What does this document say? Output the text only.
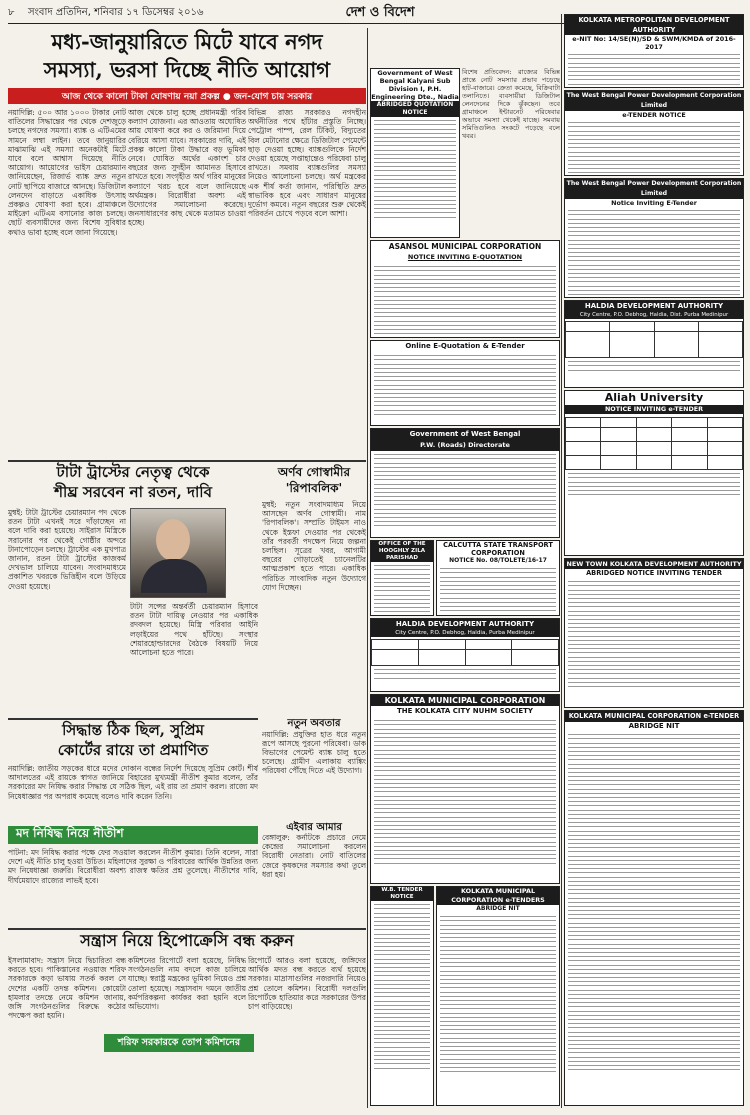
৮	সংবাদ প্রতিদিন, শনিবার ১৭ ডিসেম্বর ২০১৬	দেশ ও বিদেশ
মধ্য-জানুয়ারিতে মিটে যাবে নগদ
সমস্যা, ভরসা দিচ্ছে নীতি আয়োগ
আজ থেকে কালো টাকা ঘোষণায় নয়া প্রকল্প ● জন-যোগ চায় সরকার
নয়াদিল্লি: ৫০০ আর ১০০০ টাকার নোট বাতিলের সিদ্ধান্তের পর থেকে দেশজুড়ে চলছে নগদের সমস্যা। ব্যাঙ্ক ও এটিএমের সামনে লম্বা লাইন। তবে জানুয়ারির মাঝামাঝি এই সমস্যা অনেকটাই মিটে যাবে বলে আশ্বাস দিয়েছে নীতি আয়োগ। আয়োগের ভাইস চেয়ারম্যান জানিয়েছেন, রিজার্ভ ব্যাঙ্ক দ্রুত নতুন নোট ছাপিয়ে বাজারে আনছে। ডিজিটাল লেনদেন বাড়াতে একাধিক উৎসাহ প্রকল্পও ঘোষণা করা হবে। গ্রামাঞ্চলে মাইক্রো এটিএম বসানোর কাজ চলছে। ছোট ব্যবসায়ীদের জন্য বিশেষ সুবিধার কথাও ভাবা হচ্ছে বলে জানা গিয়েছে।
আজ থেকে চালু হচ্ছে প্রধানমন্ত্রী গরিব কল্যাণ যোজনা। এর আওতায় অঘোষিত আয় ঘোষণা করে কর ও জরিমানা দিয়ে বেরিয়ে আসা যাবে। সরকারের দাবি, এই প্রকল্প কালো টাকা উদ্ধারে বড় ভূমিকা নেবে। ঘোষিত অর্থের একাংশ চার বছরের জন্য সুদহীন আমানত হিসাবে রাখতে হবে। সংগৃহীত অর্থ গরিব মানুষের কল্যাণে খরচ হবে বলে জানিয়েছে অর্থমন্ত্রক। বিরোধীরা অবশ্য এই উদ্যোগের সমালোচনা করেছে। জনসাধারণের কাছ থেকে মতামত চাওয়া হচ্ছে।
বিভিন্ন রাজ্য সরকারও নগদহীন অর্থনীতির পথে হাঁটার প্রস্তুতি নিচ্ছে। পেট্রোল পাম্প, রেল টিকিট, বিদ্যুতের বিল মেটানোর ক্ষেত্রে ডিজিটাল পেমেন্টে ছাড় দেওয়া হচ্ছে। ব্যাঙ্কগুলিকে নির্দেশ দেওয়া হয়েছে সপ্তাহান্তেও পরিষেবা চালু রাখতে। সমবায় ব্যাঙ্কগুলির সমস্যা নিয়েও আলোচনা চলছে। অর্থ মন্ত্রকের এক শীর্ষ কর্তা জানান, পরিস্থিতি দ্রুত স্বাভাবিক হবে এবং সাধারণ মানুষের দুর্ভোগ কমবে। নতুন বছরের শুরু থেকেই পরিবর্তন চোখে পড়বে বলে আশা।
টাটা ট্রাস্টের নেতৃত্ব থেকে
শীঘ্র সরবেন না রতন, দাবি
অর্ণব গোস্বামীর
'রিপাবলিক'
মুম্বই: টাটা ট্রাস্টের চেয়ারম্যান পদ থেকে রতন টাটা এখনই সরে দাঁড়াচ্ছেন না বলে দাবি করা হয়েছে। সাইরাস মিস্ত্রিকে সরানোর পর থেকেই গোষ্ঠীর অন্দরে টানাপোড়েন চলছে। ট্রাস্টের এক মুখপাত্র জানান, রতন টাটা ট্রাস্টের কাজকর্ম দেখভাল চালিয়ে যাবেন। সংবাদমাধ্যমে প্রকাশিত খবরকে ভিত্তিহীন বলে উড়িয়ে দেওয়া হয়েছে।
টাটা সন্সের অন্তর্বর্তী চেয়ারম্যান হিসাবে রতন টাটা দায়িত্ব নেওয়ার পর একাধিক রদবদল হয়েছে। মিস্ত্রি পরিবার আইনি লড়াইয়ের পথে হাঁটছে। সংস্থার শেয়ারহোল্ডারদের বৈঠকে বিষয়টি নিয়ে আলোচনা হতে পারে।
মুম্বই: নতুন সংবাদমাধ্যম নিয়ে আসছেন অর্ণব গোস্বামী। নাম 'রিপাবলিক'। সম্প্রতি টাইমস নাও থেকে ইস্তফা দেওয়ার পর থেকেই তাঁর পরবর্তী পদক্ষেপ নিয়ে জল্পনা চলছিল। সূত্রের খবর, আগামী বছরের গোড়াতেই চ্যানেলটির আত্মপ্রকাশ হতে পারে। একাধিক পরিচিত সাংবাদিক নতুন উদ্যোগে যোগ দিচ্ছেন।
সিদ্ধান্ত ঠিক ছিল, সুপ্রিম
কোর্টের রায়ে তা প্রমাণিত
নয়াদিল্লি: জাতীয় সড়কের ধারে মদের দোকান বন্ধের নির্দেশ দিয়েছে সুপ্রিম কোর্ট। শীর্ষ আদালতের এই রায়কে স্বাগত জানিয়ে বিহারের মুখ্যমন্ত্রী নীতীশ কুমার বলেন, তাঁর সরকারের মদ নিষিদ্ধ করার সিদ্ধান্ত যে সঠিক ছিল, এই রায় তা প্রমাণ করল। রাজ্যে মদ নিষেধাজ্ঞার পর অপরাধ কমেছে বলেও দাবি করেন তিনি।
মদ নিষিদ্ধ নিয়ে নীতীশ
পাটনা: মদ নিষিদ্ধ করার পক্ষে ফের সওয়াল করলেন নীতীশ কুমার। তিনি বলেন, সারা দেশে এই নীতি চালু হওয়া উচিত। মহিলাদের সুরক্ষা ও পরিবারের আর্থিক উন্নতির জন্য মদ নিষেধাজ্ঞা জরুরি। বিরোধীরা অবশ্য রাজস্ব ক্ষতির প্রশ্ন তুলেছে। নীতীশের দাবি, দীর্ঘমেয়াদে রাজ্যের লাভই হবে।
নতুন অবতার
নয়াদিল্লি: প্রযুক্তির হাত ধরে নতুন রূপে আসছে পুরনো পরিষেবা। ডাক বিভাগের পেমেন্ট ব্যাঙ্ক চালু হতে চলেছে। গ্রামীণ এলাকায় ব্যাঙ্কিং পরিষেবা পৌঁছে দিতে এই উদ্যোগ।
এইবার আমার
বেঙ্গালুরু: কর্নাটকে প্রচারে নেমে কেন্দ্রের সমালোচনা করলেন বিরোধী নেতারা। নোট বাতিলের জেরে কৃষকদের সমস্যার কথা তুলে ধরা হয়।
সন্ত্রাস নিয়ে হিপোক্রেসি বন্ধ করুন
ইসলামাবাদ: সন্ত্রাস নিয়ে দ্বিচারিতা বন্ধ করতে হবে। পাকিস্তানের নওয়াজ শরিফ সরকারকে কড়া ভাষায় সতর্ক করল সে দেশের একটি তদন্ত কমিশন। কোয়েটা হামলার তদন্তে নেমে কমিশন জানায়, জঙ্গি সংগঠনগুলির বিরুদ্ধে কঠোর পদক্ষেপ করা হয়নি।
কমিশনের রিপোর্টে বলা হয়েছে, নিষিদ্ধ সংগঠনগুলি নাম বদলে কাজ চালিয়ে যাচ্ছে। স্বরাষ্ট্র মন্ত্রকের ভূমিকা নিয়েও প্রশ্ন তোলা হয়েছে। সন্ত্রাসবাদ দমনে জাতীয় কর্মপরিকল্পনা কার্যকর করা হয়নি বলে অভিযোগ।
শরিফ সরকারকে তোপ কমিশনের
রিপোর্টে আরও বলা হয়েছে, জঙ্গিদের আর্থিক মদত বন্ধ করতে ব্যর্থ হয়েছে সরকার। মাদ্রাসাগুলির নজরদারি নিয়েও প্রশ্ন তোলে কমিশন। বিরোধী দলগুলি রিপোর্টকে হাতিয়ার করে সরকারের উপর চাপ বাড়িয়েছে।
Government of West Bengal Kalyani Sub Division I, P.H. Engineering Dte., Nadia
ABRIDGED QUOTATION NOTICE
বিশেষ প্রতিবেদন: রাজ্যের বিভিন্ন প্রান্তে নোট সমস্যার প্রভাব পড়েছে হাট-বাজারে। ক্রেতা কমেছে, বিক্রিবাটা তলানিতে। ব্যবসায়ীরা ডিজিটাল লেনদেনের দিকে ঝুঁকছেন। তবে গ্রামাঞ্চলে ইন্টারনেট পরিষেবার অভাবে সমস্যা থেকেই যাচ্ছে। সমবায় সমিতিগুলিও সংকটে পড়েছে বলে খবর।
ASANSOL MUNICIPAL CORPORATION
NOTICE INVITING E-QUOTATION
Online E-Quotation & E-Tender
Government of West Bengal
P.W. (Roads) Directorate
OFFICE OF THE HOOGHLY ZILA PARISHAD
CALCUTTA STATE TRANSPORT CORPORATION
NOTICE No. 08/TOLETE/16-17
HALDIA DEVELOPMENT AUTHORITY
City Centre, P.O. Debhog, Haldia, Purba Medinipur

KOLKATA MUNICIPAL CORPORATION
THE KOLKATA CITY NUHM SOCIETY
W.B. TENDER NOTICE
KOLKATA MUNICIPAL CORPORATION e-TENDERS
ABRIDGE NIT
KOLKATA METROPOLITAN DEVELOPMENT AUTHORITY
e-NIT No: 14/SE(N)/SD & SWM/KMDA of 2016-2017
The West Bengal Power Development Corporation Limited
e-TENDER NOTICE
The West Bengal Power Development Corporation Limited
Notice Inviting E-Tender
HALDIA DEVELOPMENT AUTHORITY
City Centre, P.O. Debhog, Haldia, Dist. Purba Medinipur

Aliah University
NOTICE INVITING e-TENDER

NEW TOWN KOLKATA DEVELOPMENT AUTHORITY
ABRIDGED NOTICE INVITING TENDER
KOLKATA MUNICIPAL CORPORATION e-TENDER
ABRIDGE NIT
